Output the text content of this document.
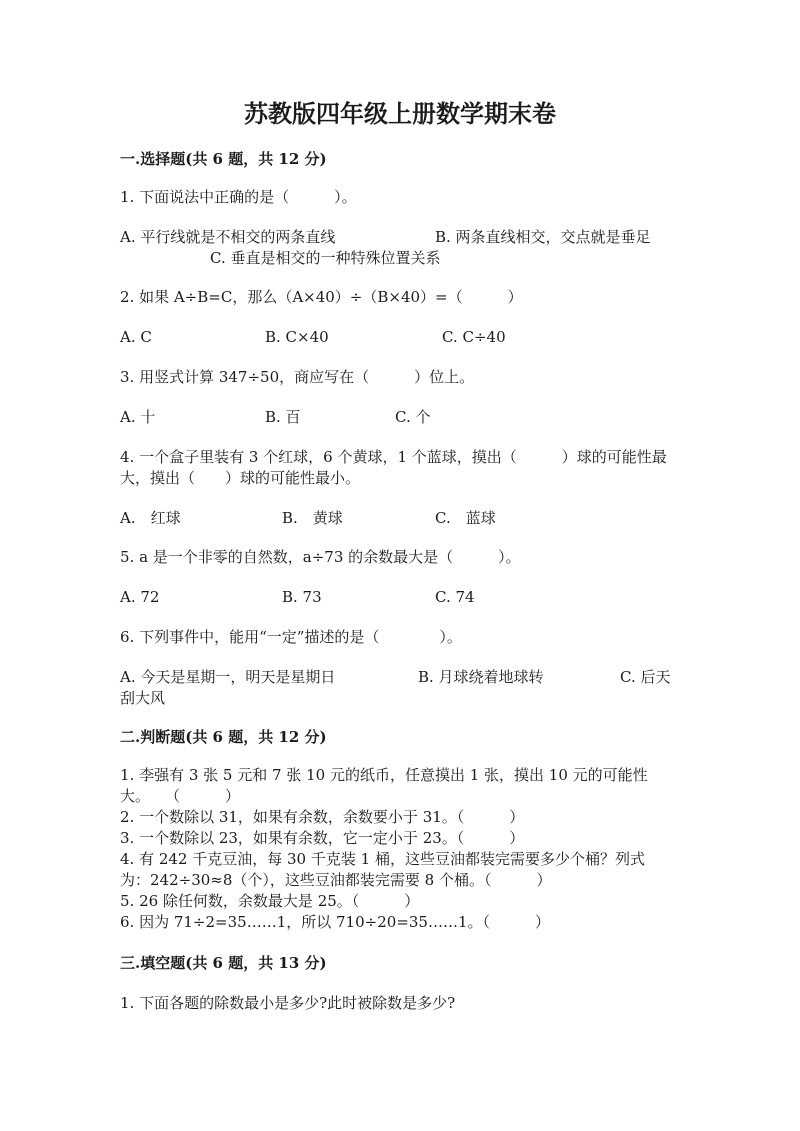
苏教版四年级上册数学期末卷
一.选择题(共 6 题，共 12 分)
1. 下面说法中正确的是（　　　）。
A. 平行线就是不相交的两条直线	B. 两条直线相交，交点就是垂足
C. 垂直是相交的一种特殊位置关系
2. 如果 A÷B=C，那么（A×40）÷（B×40）=（　　　）
A. C	B. C×40	C. C÷40
3. 用竖式计算 347÷50，商应写在（　　　）位上。
A. 十	B. 百	C. 个
4. 一个盒子里装有 3 个红球，6 个黄球，1 个蓝球，摸出（　　　）球的可能性最
大，摸出（　　）球的可能性最小。
A.　红球	B.　黄球	C.　蓝球
5. a 是一个非零的自然数，a÷73 的余数最大是（　　　）。
A. 72	B. 73	C. 74
6. 下列事件中，能用“一定”描述的是（　　　　）。
A. 今天是星期一，明天是星期日	B. 月球绕着地球转	C. 后天
刮大风
二.判断题(共 6 题，共 12 分)
1. 李强有 3 张 5 元和 7 张 10 元的纸币，任意摸出 1 张，摸出 10 元的可能性
大。　　（　　　）
2. 一个数除以 31，如果有余数，余数要小于 31。（　　　）
3. 一个数除以 23，如果有余数，它一定小于 23。（　　　）
4. 有 242 千克豆油，每 30 千克装 1 桶，这些豆油都装完需要多少个桶？列式
为：242÷30≈8（个），这些豆油都装完需要 8 个桶。（　　　）
5. 26 除任何数，余数最大是 25。（　　　）
6. 因为 71÷2=35……1，所以 710÷20=35……1。（　　　）
三.填空题(共 6 题，共 13 分)
1. 下面各题的除数最小是多少?此时被除数是多少?
